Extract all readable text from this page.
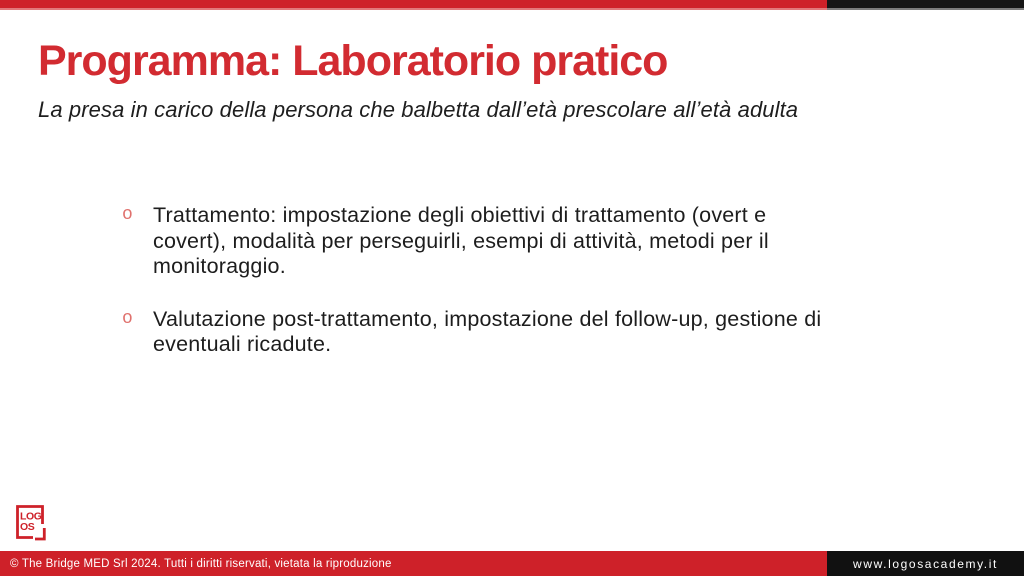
Programma: Laboratorio pratico
La presa in carico della persona che balbetta dall’età prescolare all’età adulta
o Trattamento: impostazione degli obiettivi di trattamento (overt e covert), modalità per perseguirli, esempi di attività, metodi per il monitoraggio.
o Valutazione post-trattamento, impostazione del follow-up, gestione di eventuali ricadute.
LOG
OS
© The Bridge MED Srl 2024. Tutti i diritti riservati, vietata la riproduzione	www.logosacademy.it
